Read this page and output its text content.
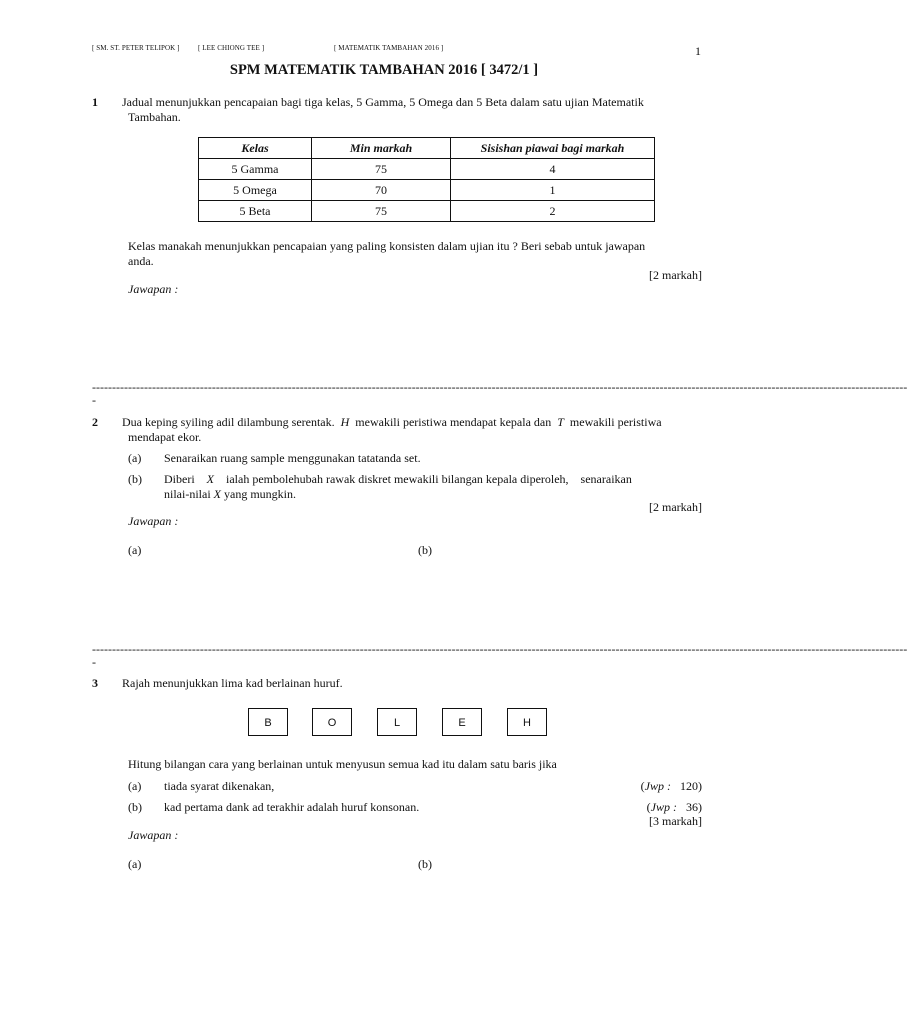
[ SM. ST. PETER TELIPOK ]	[ LEE CHIONG TEE ]	[ MATEMATIK TAMBAHAN 2016 ]	1
SPM MATEMATIK TAMBAHAN 2016 [ 3472/1 ]
1 Jadual menunjukkan pencapaian bagi tiga kelas, 5 Gamma, 5 Omega dan 5 Beta dalam satu ujian Matematik
Tambahan.
Kelas	Min markah	Sisishan piawai bagi markah
5 Gamma	75	4
5 Omega	70	1
5 Beta	75	2
Kelas manakah menunjukkan pencapaian yang paling konsisten dalam ujian itu ? Beri sebab untuk jawapan
anda.
[2 markah]
Jawapan :
------------------------------------------------------------------------------------------------------------------------------------------------------------------------------------------------------------
-
2 Dua keping syiling adil dilambung serentak. H mewakili peristiwa mendapat kepala dan T mewakili peristiwa
mendapat ekor.
(a) Senaraikan ruang sample menggunakan tatatanda set.
(b) Diberi X ialah pembolehubah rawak diskret mewakili bilangan kepala diperoleh, senaraikan
nilai-nilai X yang mungkin.
[2 markah]
Jawapan :
(a)	(b)
------------------------------------------------------------------------------------------------------------------------------------------------------------------------------------------------------------
-
3 Rajah menunjukkan lima kad berlainan huruf.
B	O	L	E	H
Hitung bilangan cara yang berlainan untuk menyusun semua kad itu dalam satu baris jika
(a) tiada syarat dikenakan,	(Jwp : 120)
(b) kad pertama dank ad terakhir adalah huruf konsonan.	(Jwp : 36)
[3 markah]
Jawapan :
(a)	(b)
